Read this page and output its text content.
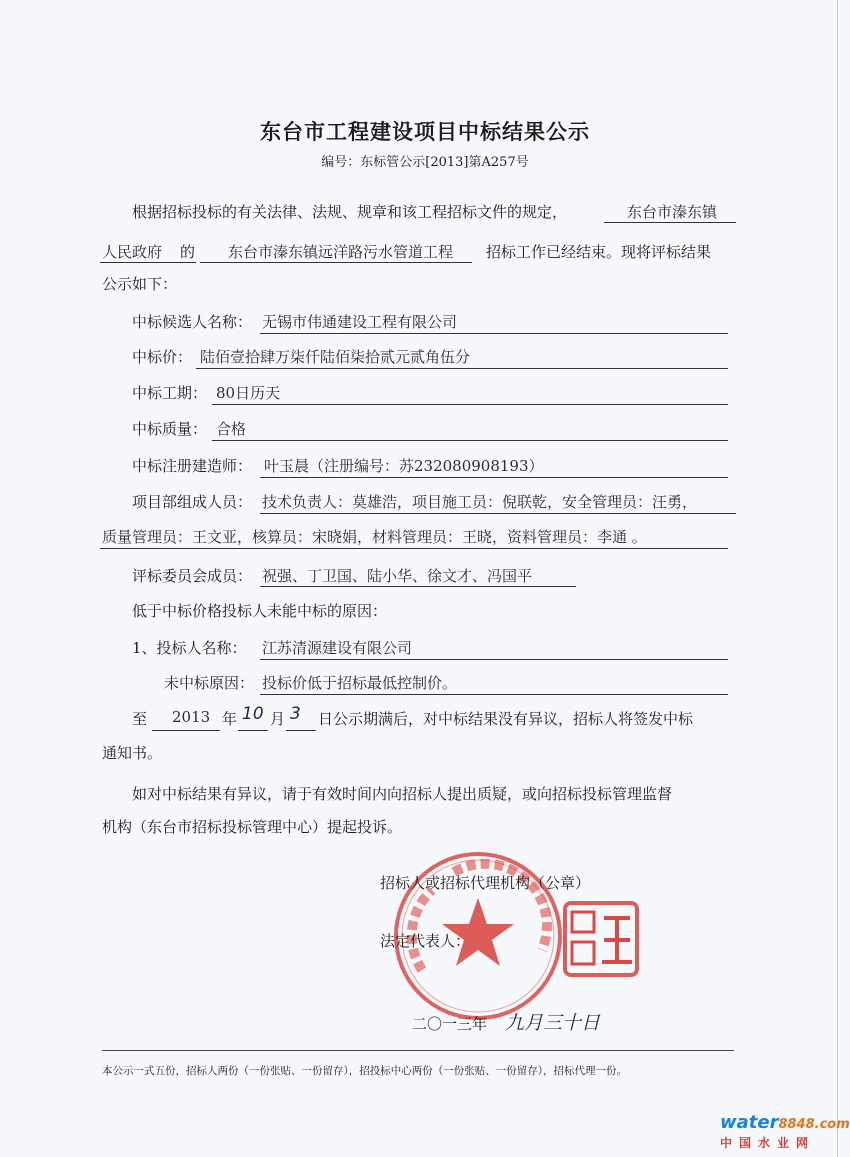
东台市工程建设项目中标结果公示
编号：东标管公示[2013]第A257号
根据招标投标的有关法律、法规、规章和该工程招标文件的规定，	东台市溱东镇
人民政府 的 东台市溱东镇远洋路污水管道工程 招标工作已经结束。现将评标结果
公示如下：
中标候选人名称： 无锡市伟通建设工程有限公司
中标价： 陆佰壹拾肆万柒仟陆佰柒拾贰元贰角伍分
中标工期： 80日历天
中标质量： 合格
中标注册建造师： 叶玉晨（注册编号：苏232080908193）
项目部组成人员： 技术负责人：莫雄浩，项目施工员：倪联乾，安全管理员：汪勇，
质量管理员：王文亚，核算员：宋晓娟，材料管理员：王晓，资料管理员：李通 。
评标委员会成员： 祝强、丁卫国、陆小华、徐文才、冯国平
低于中标价格投标人未能中标的原因：
1、投标人名称： 江苏清源建设有限公司
未中标原因： 投标价低于招标最低控制价。
至 2013 年 10 月 3 日公示期满后，对中标结果没有异议，招标人将签发中标
通知书。
如对中标结果有异议，请于有效时间内向招标人提出质疑，或向招标投标管理监督
机构（东台市招标投标管理中心）提起投诉。
招标人或招标代理机构（公章）
法定代表人：
二〇一三年 九月三十日
本公示一式五份，招标人两份（一份张贴、一份留存），招投标中心两份（一份张贴、一份留存），招标代理一份。
water8848.com
中国水业网
